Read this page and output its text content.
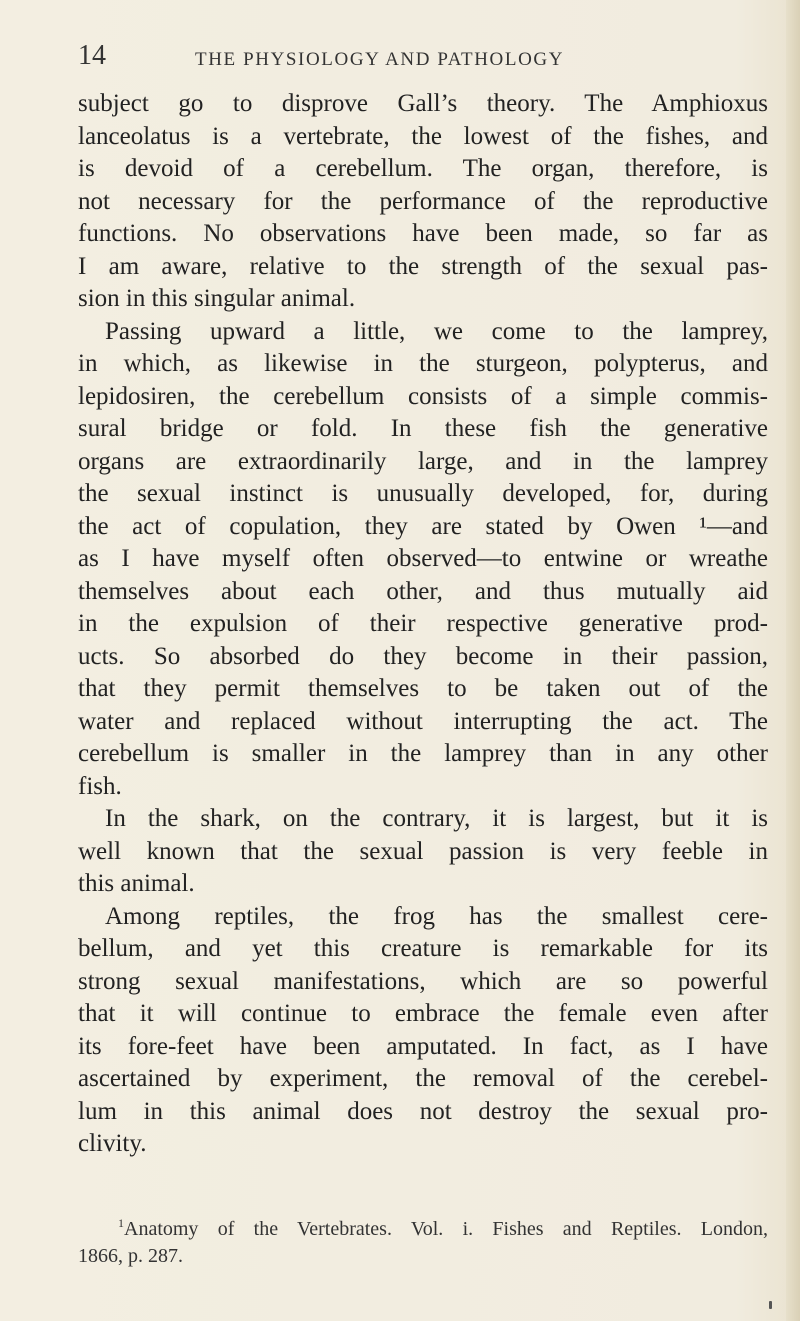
14	THE PHYSIOLOGY AND PATHOLOGY
subject go to disprove Gall’s theory. The Amphioxus
lanceolatus is a vertebrate, the lowest of the fishes, and
is devoid of a cerebellum. The organ, therefore, is
not necessary for the performance of the reproductive
functions. No observations have been made, so far as
I am aware, relative to the strength of the sexual pas-
sion in this singular animal.
Passing upward a little, we come to the lamprey,
in which, as likewise in the sturgeon, polypterus, and
lepidosiren, the cerebellum consists of a simple commis-
sural bridge or fold. In these fish the generative
organs are extraordinarily large, and in the lamprey
the sexual instinct is unusually developed, for, during
the act of copulation, they are stated by Owen ¹—and
as I have myself often observed—to entwine or wreathe
themselves about each other, and thus mutually aid
in the expulsion of their respective generative prod-
ucts. So absorbed do they become in their passion,
that they permit themselves to be taken out of the
water and replaced without interrupting the act. The
cerebellum is smaller in the lamprey than in any other
fish.
In the shark, on the contrary, it is largest, but it is
well known that the sexual passion is very feeble in
this animal.
Among reptiles, the frog has the smallest cere-
bellum, and yet this creature is remarkable for its
strong sexual manifestations, which are so powerful
that it will continue to embrace the female even after
its fore-feet have been amputated. In fact, as I have
ascertained by experiment, the removal of the cerebel-
lum in this animal does not destroy the sexual pro-
clivity.
$^1$Anatomy of the Vertebrates. Vol. i. Fishes and Reptiles. London,
1866, p. 287.
